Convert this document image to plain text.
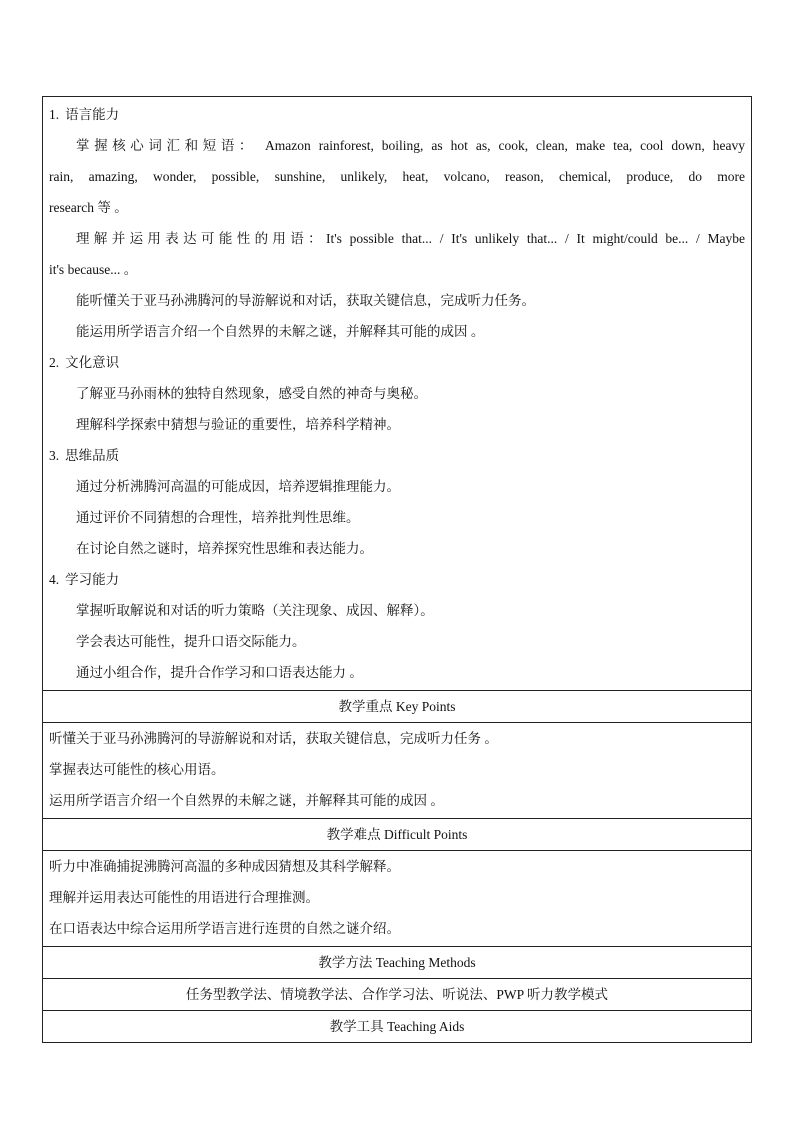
1. 语言能力
掌握核心词汇和短语： Amazon rainforest, boiling, as hot as, cook, clean, make tea, cool down, heavy
rain, amazing, wonder, possible, sunshine, unlikely, heat, volcano, reason, chemical, produce, do more
research 等 。
理解并运用表达可能性的用语：It's possible that... / It's unlikely that... / It might/could be... / Maybe
it's because... 。
能听懂关于亚马孙沸腾河的导游解说和对话，获取关键信息，完成听力任务。
能运用所学语言介绍一个自然界的未解之谜，并解释其可能的成因 。
2. 文化意识
了解亚马孙雨林的独特自然现象，感受自然的神奇与奥秘。
理解科学探索中猜想与验证的重要性，培养科学精神。
3. 思维品质
通过分析沸腾河高温的可能成因，培养逻辑推理能力。
通过评价不同猜想的合理性，培养批判性思维。
在讨论自然之谜时，培养探究性思维和表达能力。
4. 学习能力
掌握听取解说和对话的听力策略（关注现象、成因、解释）。
学会表达可能性，提升口语交际能力。
通过小组合作，提升合作学习和口语表达能力 。

教学重点 Key Points

听懂关于亚马孙沸腾河的导游解说和对话，获取关键信息，完成听力任务 。
掌握表达可能性的核心用语。
运用所学语言介绍一个自然界的未解之谜，并解释其可能的成因 。

教学难点 Difficult Points

听力中准确捕捉沸腾河高温的多种成因猜想及其科学解释。
理解并运用表达可能性的用语进行合理推测。
在口语表达中综合运用所学语言进行连贯的自然之谜介绍。

教学方法 Teaching Methods
任务型教学法、情境教学法、合作学习法、听说法、PWP 听力教学模式
教学工具 Teaching Aids
